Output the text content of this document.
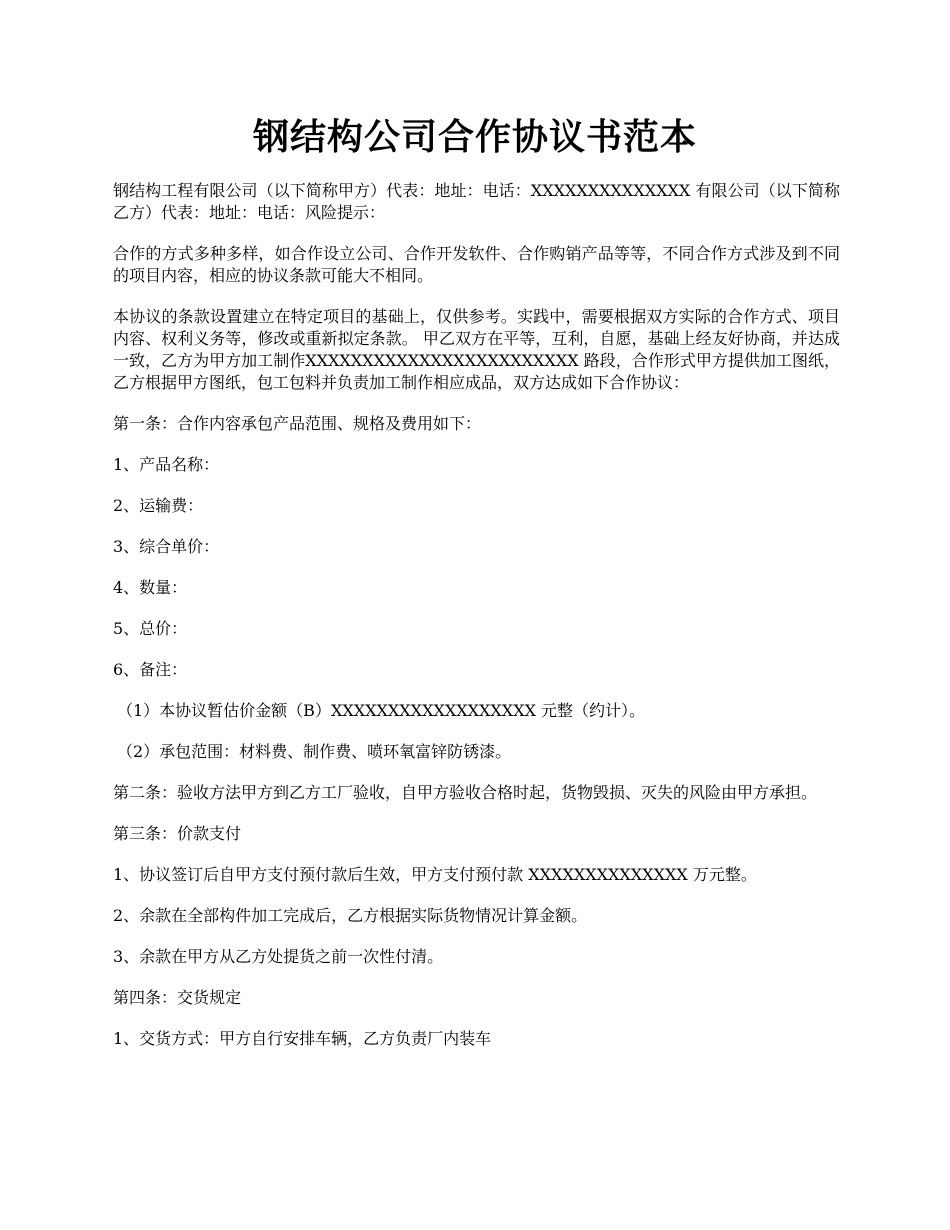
钢结构公司合作协议书范本

钢结构工程有限公司（以下简称甲方）代表：地址：电话：XXXXXXXXXXXXXX 有限公司（以下简称乙方）代表：地址：电话：风险提示：

合作的方式多种多样，如合作设立公司、合作开发软件、合作购销产品等等，不同合作方式涉及到不同的项目内容，相应的协议条款可能大不相同。

本协议的条款设置建立在特定项目的基础上，仅供参考。实践中，需要根据双方实际的合作方式、项目内容、权利义务等，修改或重新拟定条款。 甲乙双方在平等，互利，自愿，基础上经友好协商，并达成一致，乙方为甲方加工制作XXXXXXXXXXXXXXXXXXXXXXXX 路段，合作形式甲方提供加工图纸，乙方根据甲方图纸，包工包料并负责加工制作相应成品，双方达成如下合作协议：

第一条：合作内容承包产品范围、规格及费用如下：

1、产品名称：

2、运输费：

3、综合单价：

4、数量：

5、总价：

6、备注：

（1）本协议暂估价金额（B）XXXXXXXXXXXXXXXXXX 元整（约计）。

（2）承包范围：材料费、制作费、喷环氧富锌防锈漆。

第二条：验收方法甲方到乙方工厂验收，自甲方验收合格时起，货物毁损、灭失的风险由甲方承担。

第三条：价款支付

1、协议签订后自甲方支付预付款后生效，甲方支付预付款 XXXXXXXXXXXXXX 万元整。

2、余款在全部构件加工完成后，乙方根据实际货物情况计算金额。

3、余款在甲方从乙方处提货之前一次性付清。

第四条：交货规定

1、交货方式：甲方自行安排车辆，乙方负责厂内装车
